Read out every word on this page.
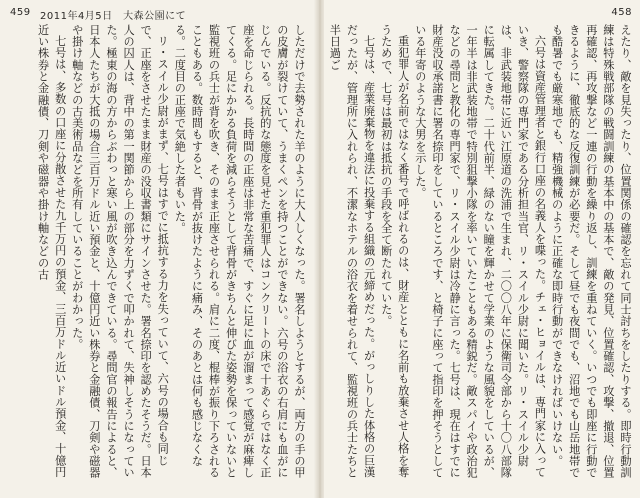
459 2011年4月5日　大森公園にて

しただけで去勢された羊のように大人しくなった。署名しようとするが、両方の手の甲の皮膚が裂けていて、うまくペンを持つことができない。六号の浴衣の右肩にも血がにじんでいる。反抗的な態度を見せた重犯罪人はコンクリートの床で十あぐらではなく正座を命じられる。長時間の正座は非常な苦痛で、すぐに足に血が溜まって感覚が麻痺してくる。足にかかる負荷を減らそうとして背骨がきちんと伸びた姿勢を保っていないと監視班の兵士が背を吹き、そのまま正座させられる。肩に二度、棍棒が振り下ろされることもある。数時間もすると、背骨が抜けたように痛み、そのあとは何も感じなくなる。二度目の正座で気絶した者もいた。

リ・スイル少尉がまず、七号はすでに抵抗する力を失っていて、六号の場合も同じで、正座をさせたまま財産の没収書類にサインさせた。署名捺印を認めたそうだ。日本人の囚人は、背中の第一関節から上の部分を力ずくで叩かれて、失神しそうになっていた。極東の海の方からぶわっと寒い風が吹き込んできている。尋問官の報告によると、日本人たちが大抵の場合三百万ドル近い預金と、十億円近い株券と金融債、刀剣や磁器や掛け軸などの古美術品などを所有していることがわかった。

七号は、多数の口座に分散させた九千万円の預金、三百万ドル近いドル預金、十億円近い株券と金融債、刀剣や磁器や掛け軸などの古

458

えたり、敵を見失ったり、位置関係の確認を忘れて同士討ちをしたりする。即時行動訓練は特殊戦部隊の戦闘訓練の基本中の基本で、敵の発見、位置確認、攻撃、撤退、位置再確認、再攻撃など一連の行動を繰り返し、訓練を重ねていく。いつでも即座に行動できるように、徹底的な反復訓練が必要だ。そして昼でも夜間でも、沼地でも山岳地帯でも酷暑でも厳寒地でも、精強機械のように正確な即時行動ができなければいけない。

六号は資産管理者と銀行口座の名義人を喋った。チェ・ヒョイルは、専門家に入っていき、警察隊の専門家である分析担当官、リ・スイル少尉に聞いた。リ・スイル少尉は、非武装地帯に近い江原道の洗浦で生まれ、二〇〇八年に保衛司令部から十〇八部隊に転属してきた。二十代前半、緑のない瞳を輝かせて学業のような風貌をしているが、一年半は非武装地帯で特別狙撃小隊を率いていたこともある精鋭だ。敵スパイや政治犯などの尋問と教化の専門家で、リ・スイル少尉は冷静に言った。七号は、現在はすでに財産没収承諾書に署名捺印をしているところです、と椅子に座って指印を押そうとしている年寄のような大男を示した。

重犯罪人が名前ではなく番号で呼ばれるのは、財産とともに名前も放棄させ人格を奪うためで、七号は最初は抵抗の手段を全て断たれていた。

七号は、産業廃棄物を違法に投棄する組織の元締めだった。がっしりした体格の巨漢だったが、管理所に入れられ、不潔なホテルの浴衣を着せられて、監視班の兵士たちと半日過ご
